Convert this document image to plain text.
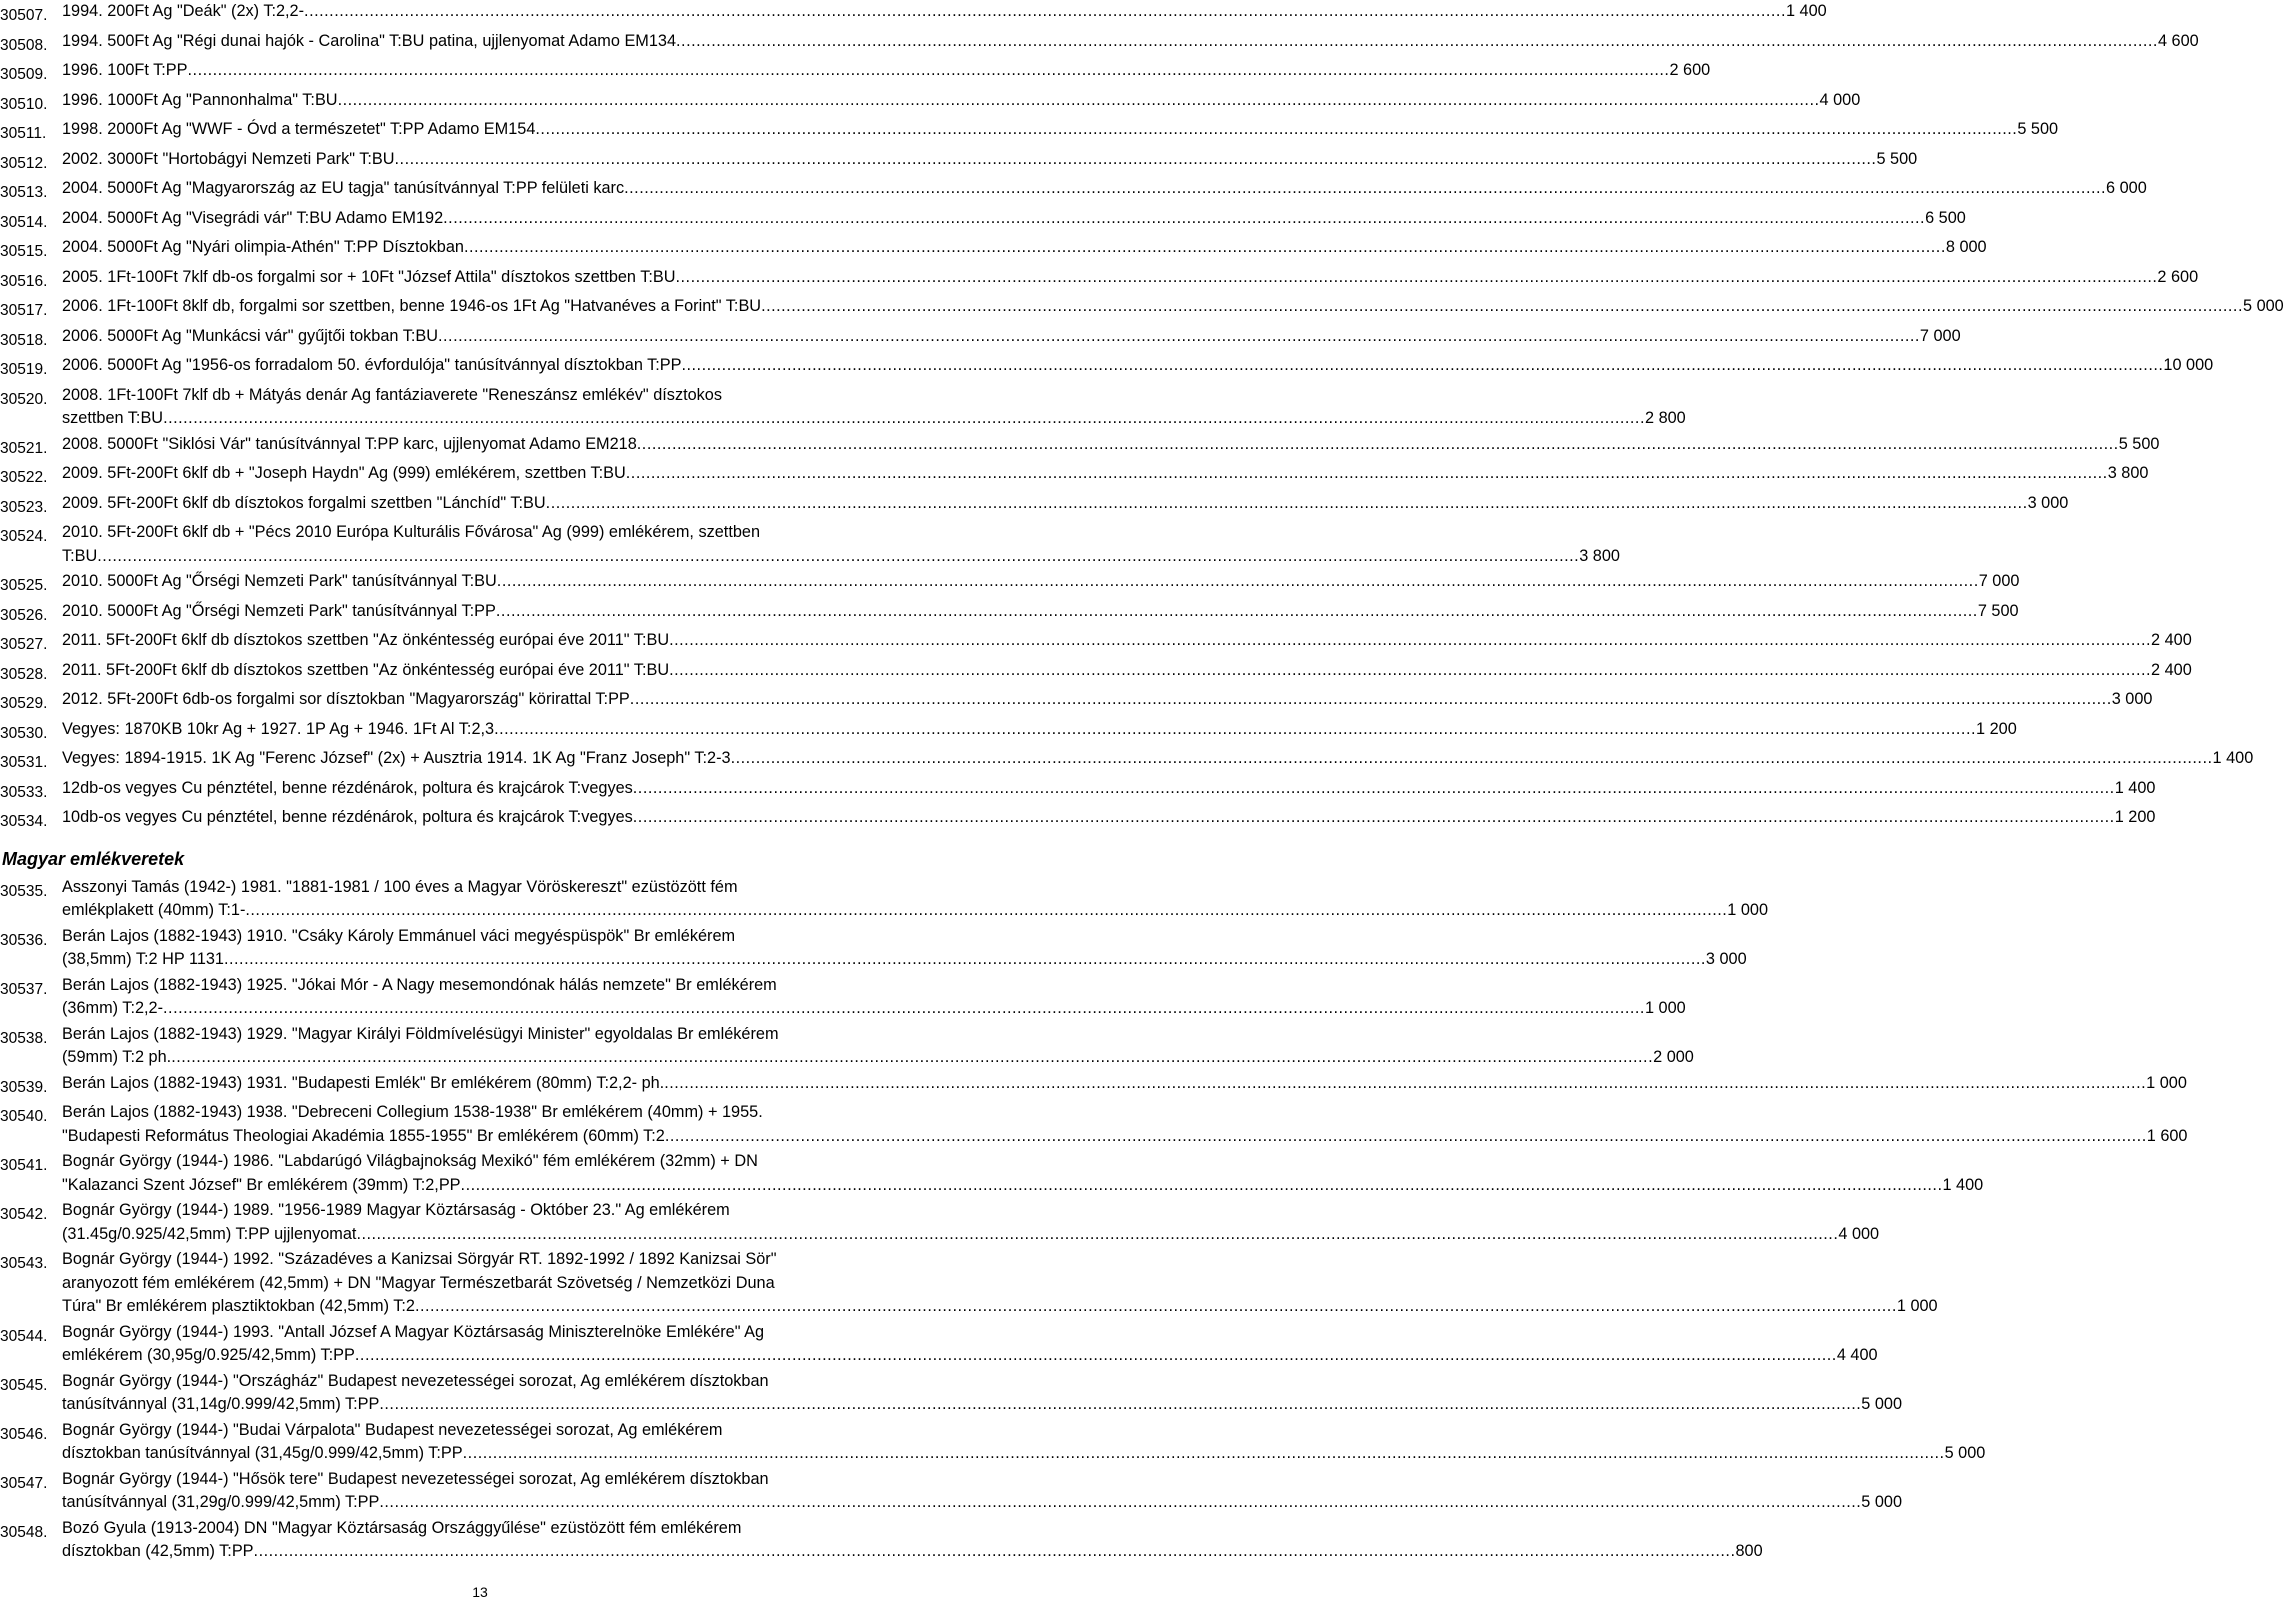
30507. 1994. 200Ft Ag "Deák" (2x) T:2,2- .....	1 400
30508. 1994. 500Ft Ag "Régi dunai hajók - Carolina" T:BU patina, ujjlenyomat Adamo EM134 .....	4 600
30509. 1996. 100Ft T:PP .....	2 600
30510. 1996. 1000Ft Ag "Pannonhalma" T:BU .....	4 000
30511. 1998. 2000Ft Ag "WWF - Óvd a természetet" T:PP Adamo EM154 .....	5 500
30512. 2002. 3000Ft "Hortobágyi Nemzeti Park" T:BU .....	5 500
30513. 2004. 5000Ft Ag "Magyarország az EU tagja" tanúsítvánnyal T:PP felületi karc .....	6 000
30514. 2004. 5000Ft Ag "Visegrádi vár" T:BU Adamo EM192 .....	6 500
30515. 2004. 5000Ft Ag "Nyári olimpia-Athén" T:PP Dísztokban .....	8 000
30516. 2005. 1Ft-100Ft 7klf db-os forgalmi sor + 10Ft "József Attila" dísztokos szettben T:BU .....	2 600
30517. 2006. 1Ft-100Ft 8klf db, forgalmi sor szettben, benne 1946-os 1Ft Ag "Hatvanéves a Forint" T:BU .....	5 000
30518. 2006. 5000Ft Ag "Munkácsi vár" gyűjtői tokban T:BU .....	7 000
30519. 2006. 5000Ft Ag "1956-os forradalom 50. évfordulója" tanúsítvánnyal dísztokban T:PP .....	10 000
30520. 2008. 1Ft-100Ft 7klf db + Mátyás denár Ag fantáziaverete "Reneszánsz emlékév" dísztokos
szettben T:BU .....	2 800
30521. 2008. 5000Ft "Siklósi Vár" tanúsítvánnyal T:PP karc, ujjlenyomat Adamo EM218 .....	5 500
30522. 2009. 5Ft-200Ft 6klf db + "Joseph Haydn" Ag (999) emlékérem, szettben T:BU .....	3 800
30523. 2009. 5Ft-200Ft 6klf db dísztokos forgalmi szettben "Lánchíd" T:BU .....	3 000
30524. 2010. 5Ft-200Ft 6klf db + "Pécs 2010 Európa Kulturális Fővárosa" Ag (999) emlékérem, szettben
T:BU .....	3 800
30525. 2010. 5000Ft Ag "Őrségi Nemzeti Park" tanúsítvánnyal T:BU .....	7 000
30526. 2010. 5000Ft Ag "Őrségi Nemzeti Park" tanúsítvánnyal T:PP .....	7 500
30527. 2011. 5Ft-200Ft 6klf db dísztokos szettben "Az önkéntesség európai éve 2011" T:BU .....	2 400
30528. 2011. 5Ft-200Ft 6klf db dísztokos szettben "Az önkéntesség európai éve 2011" T:BU .....	2 400
30529. 2012. 5Ft-200Ft 6db-os forgalmi sor dísztokban "Magyarország" körirattal T:PP .....	3 000
30530. Vegyes: 1870KB 10kr Ag + 1927. 1P Ag + 1946. 1Ft Al T:2,3 .....	1 200
30531. Vegyes: 1894-1915. 1K Ag "Ferenc József" (2x) + Ausztria 1914. 1K Ag "Franz Joseph" T:2-3 .....	1 400
30533. 12db-os vegyes Cu pénztétel, benne rézdénárok, poltura és krajcárok T:vegyes .....	1 400
30534. 10db-os vegyes Cu pénztétel, benne rézdénárok, poltura és krajcárok T:vegyes .....	1 200
Magyar emlékveretek
30535. Asszonyi Tamás (1942-) 1981. "1881-1981 / 100 éves a Magyar Vöröskereszt" ezüstözött fém
emlékplakett (40mm) T:1- .....	1 000
30536. Berán Lajos (1882-1943) 1910. "Csáky Károly Emmánuel váci megyéspüspök" Br emlékérem
(38,5mm) T:2 HP 1131 .....	3 000
30537. Berán Lajos (1882-1943) 1925. "Jókai Mór - A Nagy mesemondónak hálás nemzete" Br emlékérem
(36mm) T:2,2- .....	1 000
30538. Berán Lajos (1882-1943) 1929. "Magyar Királyi Földmívelésügyi Minister" egyoldalas Br emlékérem
(59mm) T:2 ph. .....	2 000
30539. Berán Lajos (1882-1943) 1931. "Budapesti Emlék" Br emlékérem (80mm) T:2,2- ph. .....	1 000
30540. Berán Lajos (1882-1943) 1938. "Debreceni Collegium 1538-1938" Br emlékérem (40mm) + 1955.
"Budapesti Református Theologiai Akadémia 1855-1955" Br emlékérem (60mm) T:2 .....	1 600
30541. Bognár György (1944-) 1986. "Labdarúgó Világbajnokság Mexikó" fém emlékérem (32mm) + DN
"Kalazanci Szent József" Br emlékérem (39mm) T:2,PP .....	1 400
30542. Bognár György (1944-) 1989. "1956-1989 Magyar Köztársaság - Október 23." Ag emlékérem
(31.45g/0.925/42,5mm) T:PP ujjlenyomat .....	4 000
30543. Bognár György (1944-) 1992. "Századéves a Kanizsai Sörgyár RT. 1892-1992 / 1892 Kanizsai Sör"
aranyozott fém emlékérem (42,5mm) + DN "Magyar Természetbarát Szövetség / Nemzetközi Duna
Túra" Br emlékérem plasztiktokban (42,5mm) T:2 .....	1 000
30544. Bognár György (1944-) 1993. "Antall József A Magyar Köztársaság Miniszterelnöke Emlékére" Ag
emlékérem (30,95g/0.925/42,5mm) T:PP .....	4 400
30545. Bognár György (1944-) "Országház" Budapest nevezetességei sorozat, Ag emlékérem dísztokban
tanúsítvánnyal (31,14g/0.999/42,5mm) T:PP .....	5 000
30546. Bognár György (1944-) "Budai Várpalota" Budapest nevezetességei sorozat, Ag emlékérem
dísztokban tanúsítvánnyal (31,45g/0.999/42,5mm) T:PP .....	5 000
30547. Bognár György (1944-) "Hősök tere" Budapest nevezetességei sorozat, Ag emlékérem dísztokban
tanúsítvánnyal (31,29g/0.999/42,5mm) T:PP .....	5 000
30548. Bozó Gyula (1913-2004) DN "Magyar Köztársaság Országgyűlése" ezüstözött fém emlékérem
dísztokban (42,5mm) T:PP .....	800
13
